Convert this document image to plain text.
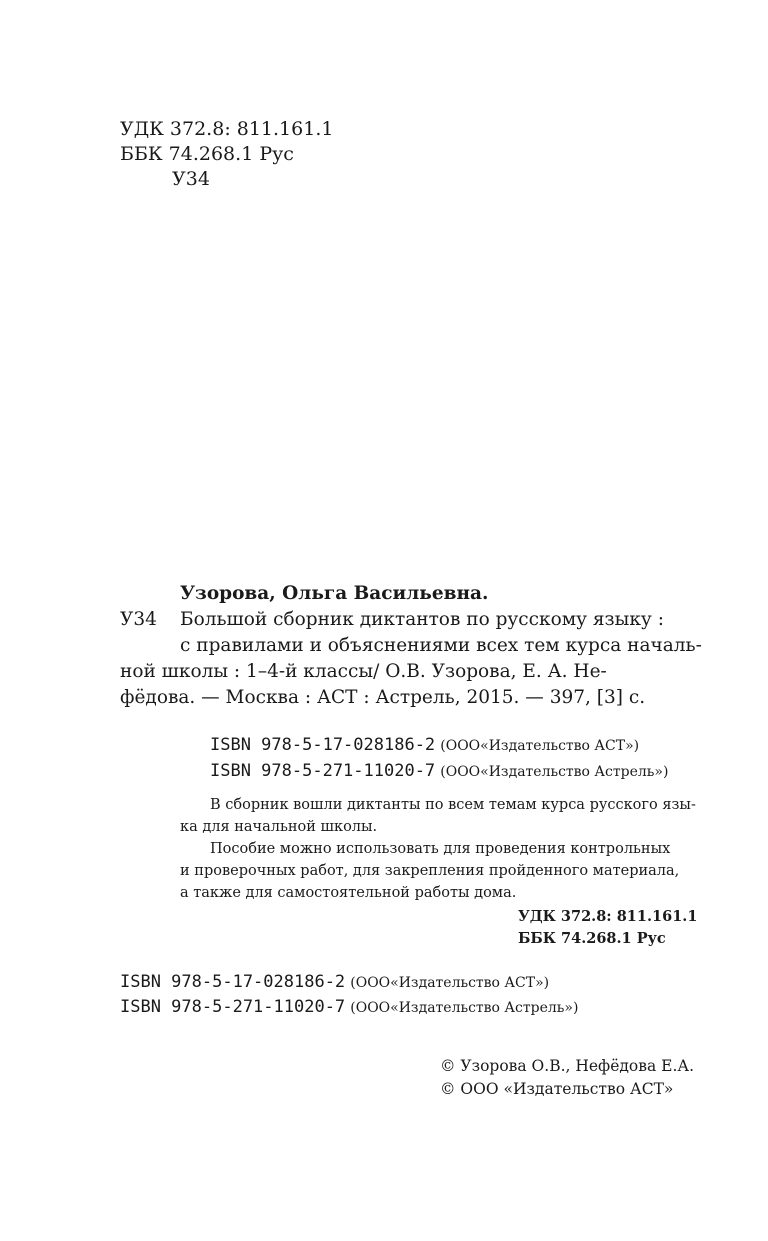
УДК 372.8: 811.161.1
ББК 74.268.1 Рус
У34
Узорова, Ольга Васильевна.
У34 Большой сборник диктантов по русскому языку :
с правилами и объяснениями всех тем курса началь-
ной школы : 1–4-й классы/ О.В. Узорова, Е. А. Не-
фёдова. — Москва : АСТ : Астрель, 2015. — 397, [3] с.
ISBN 978-5-17-028186-2 (ООО«Издательство АСТ»)
ISBN 978-5-271-11020-7 (ООО«Издательство Астрель»)
В сборник вошли диктанты по всем темам курса русского язы-
ка для начальной школы.
Пособие можно использовать для проведения контрольных
и проверочных работ, для закрепления пройденного материала,
а также для самостоятельной работы дома.
УДК 372.8: 811.161.1
ББК 74.268.1 Рус
ISBN 978-5-17-028186-2 (ООО«Издательство АСТ»)
ISBN 978-5-271-11020-7 (ООО«Издательство Астрель»)
© Узорова О.В., Нефёдова Е.А.
© ООО «Издательство АСТ»
